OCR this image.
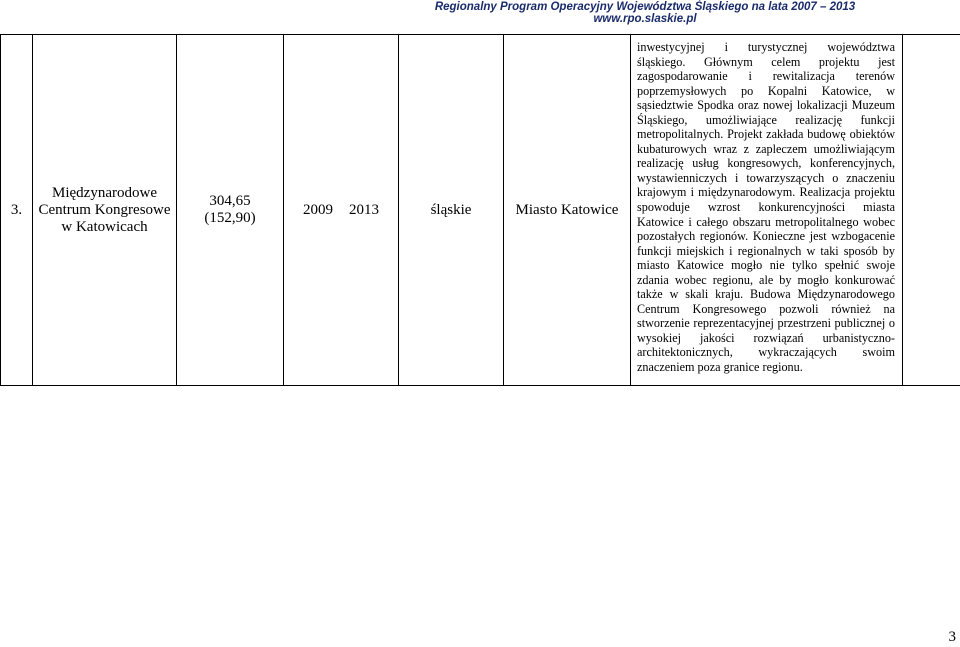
Regionalny Program Operacyjny Województwa Śląskiego na lata 2007 – 2013
www.rpo.slaskie.pl
3.
Międzynarodowe Centrum Kongresowe w Katowicach
304,65
(152,90)
2009 2013	śląskie	Miasto Katowice

inwestycyjnej i turystycznej województwa śląskiego. Głównym celem projektu jest zagospodarowanie i rewitalizacja terenów poprzemysłowych po Kopalni Katowice, w sąsiedztwie Spodka oraz nowej lokalizacji Muzeum Śląskiego, umożliwiające realizację funkcji metropolitalnych. Projekt zakłada budowę obiektów kubaturowych wraz z zapleczem umożliwiającym realizację usług kongresowych, konferencyjnych, wystawienniczych i towarzyszących o znaczeniu krajowym i międzynarodowym. Realizacja projektu spowoduje wzrost konkurencyjności miasta Katowice i całego obszaru metropolitalnego wobec pozostałych regionów. Konieczne jest wzbogacenie funkcji miejskich i regionalnych w taki sposób by miasto Katowice mogło nie tylko spełnić swoje zdania wobec regionu, ale by mogło konkurować także w skali kraju. Budowa Międzynarodowego Centrum Kongresowego pozwoli również na stworzenie reprezentacyjnej przestrzeni publicznej o wysokiej jakości rozwiązań urbanistyczno-architektonicznych, wykraczających swoim znaczeniem poza granice regionu.

3
